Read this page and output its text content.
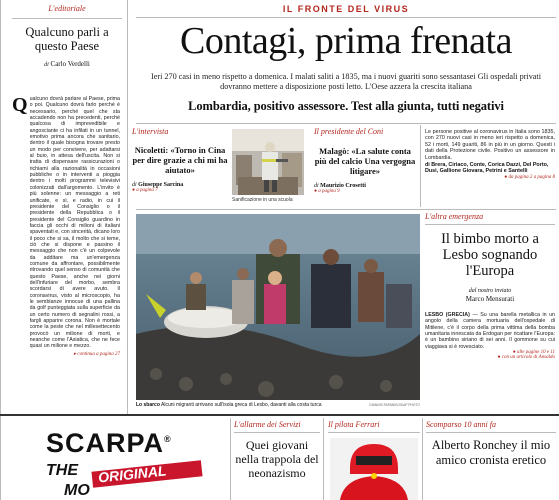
L'editoriale
Qualcuno parli a questo Paese
di Carlo Verdelli
Q ualcuno dovrà parlare al Paese, prima o poi. Qualcuno dovrà farlo perché è necessario, perché quel che sta accadendo non ha precedenti, perché qualcosa di imprevedibile e angosciante ci ha infilati in un tunnel, emotivo prima ancora che sanitario, dentro il quale bisogna trovare presto un modo per convivere, per adattarsi al buio, in attesa dell'uscita. Non si tratta di dispensare rassicurazioni o richiami alla razionalità in occasioni pubbliche o in interventi a pioggia dentro i molti programmi televisivi colonizzati dall'argomento. L'invito è più solenne: un messaggio a reti unificate, e sì, e radio, in cui il presidente del Consiglio o il presidente della Repubblica o il presidente del Consiglio guardino in faccia gli occhi di milioni di italiani spaventati e, con sincerità, dicano loro il poco che si sa, il molto che si teme, ciò che si dispone e passino il messaggio che non c'è un colpevole da additare ma un'emergenza comune da affrontare, possibilmente ritrovando quel senso di comunità che questo Paese, anche nei giorni dell'infuriare del morbo, sembra scordarsi di avere avuto. Il coronavirus, visto al microscopio, ha le sembianze innocue di una pallina da golf punteggiata sulla superficie da un certo numero di segnalini rossi, a fargli apparire corona. Non è mortale come la peste che nel millesettecento provocò un milione di morti, e neanche come l'Asiatica, che ne fece quasi un milione e mezzo.
▸ continua a pagina 27
IL FRONTE DEL VIRUS
Contagi, prima frenata
Ieri 270 casi in meno rispetto a domenica. I malati saliti a 1835, ma i nuovi guariti sono sessantasei Gli ospedali privati dovranno mettere a disposizione posti letto. L'Oese azzera la crescita italiana
Lombardia, positivo assessore. Test alla giunta, tutti negativi
L'intervista
Nicoletti: «Torno in Cina per dire grazie a chi mi ha aiutato»
di Giuseppe Sarcina
● a pagina 7
Sanificazione in una scuola
Il presidente del Coni
Malagò: «La salute conta più del calcio Una vergogna litigare»
di Maurizio Crosetti
● a pagina 9
Le persone positive al coronavirus in Italia sono 1835, con 270 nuovi casi in meno ieri rispetto a domenica, 52 i morti, 149 guariti, 86 in più in un giorno. Questi i dati della Protezione civile. Positivo un assessore in Lombardia.
di Brera, Ciriaco, Conte, Corica Dazzi, Del Porto, Dusi, Gallione Giovara, Petrini e Santelli
● da pagina 2 a pagina 8
Lo sbarco Alcuni migranti arrivano sull'isola greca di Lesbo, davanti alla costa turca	GIANNIS PAPANIKOS/AP PHOTO
L'altra emergenza
Il bimbo morto a Lesbo sognando l'Europa
dal nostro inviato
Marco Mensurati
LESBO (GRECIA) — Su una barella metallica in un angolo della camera mortuaria dell'ospedale di Mitilene, c'è il corpo della prima vittima della bomba umanitaria innescata da Erdogan per ricattare l'Europa: è un bambino siriano di sei anni. Il gommone su cui viaggiava si è rovesciato.
● alle pagine 10 e 11
● con un articolo di Ansaldo
SCARPA®
THE ORIGINAL
MO
L'allarme dei Servizi
Quei giovani nella trappola del neonazismo
Il pilota Ferrari	Scomparso 10 anni fa
Alberto Ronchey il mio amico cronista eretico
